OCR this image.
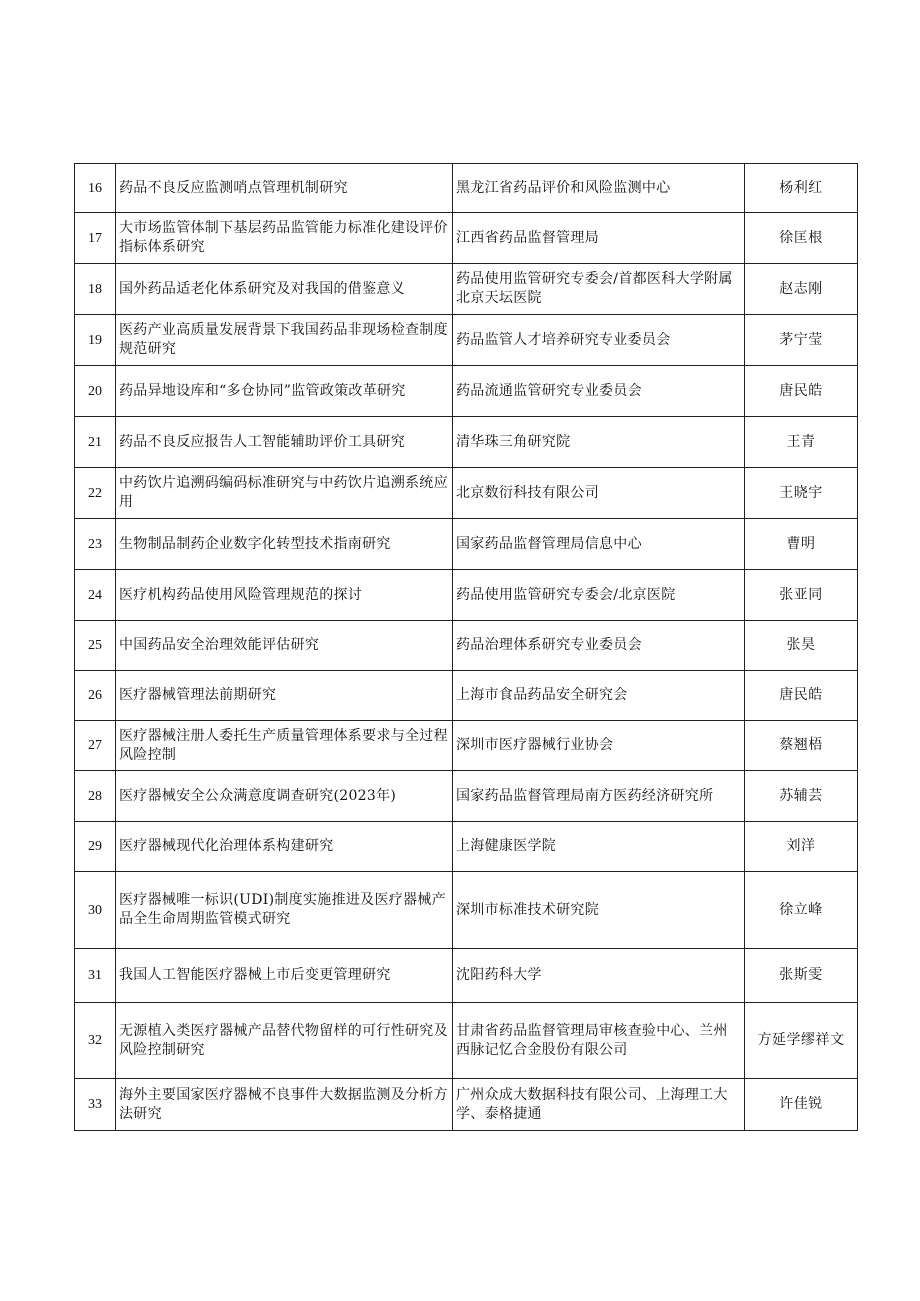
16	药品不良反应监测哨点管理机制研究	黑龙江省药品评价和风险监测中心	杨利红
17	大市场监管体制下基层药品监管能力标准化建设评价指标体系研究	江西省药品监督管理局	徐匡根
18	国外药品适老化体系研究及对我国的借鉴意义	药品使用监管研究专委会/首都医科大学附属北京天坛医院	赵志刚
19	医药产业高质量发展背景下我国药品非现场检查制度规范研究	药品监管人才培养研究专业委员会	茅宁莹
20	药品异地设库和“多仓协同”监管政策改革研究	药品流通监管研究专业委员会	唐民皓
21	药品不良反应报告人工智能辅助评价工具研究	清华珠三角研究院	王青
22	中药饮片追溯码编码标准研究与中药饮片追溯系统应用	北京数衍科技有限公司	王晓宇
23	生物制品制药企业数字化转型技术指南研究	国家药品监督管理局信息中心	曹明
24	医疗机构药品使用风险管理规范的探讨	药品使用监管研究专委会/北京医院	张亚同
25	中国药品安全治理效能评估研究	药品治理体系研究专业委员会	张昊
26	医疗器械管理法前期研究	上海市食品药品安全研究会	唐民皓
27	医疗器械注册人委托生产质量管理体系要求与全过程风险控制	深圳市医疗器械行业协会	蔡翘梧
28	医疗器械安全公众满意度调查研究(2023年)	国家药品监督管理局南方医药经济研究所	苏辅芸
29	医疗器械现代化治理体系构建研究	上海健康医学院	刘洋
30	医疗器械唯一标识(UDI)制度实施推进及医疗器械产品全生命周期监管模式研究	深圳市标准技术研究院	徐立峰
31	我国人工智能医疗器械上市后变更管理研究	沈阳药科大学	张斯雯
32	无源植入类医疗器械产品替代物留样的可行性研究及风险控制研究	甘肃省药品监督管理局审核查验中心、兰州西脉记忆合金股份有限公司	方延学缪祥文
33	海外主要国家医疗器械不良事件大数据监测及分析方法研究	广州众成大数据科技有限公司、上海理工大学、泰格捷通	许佳锐
